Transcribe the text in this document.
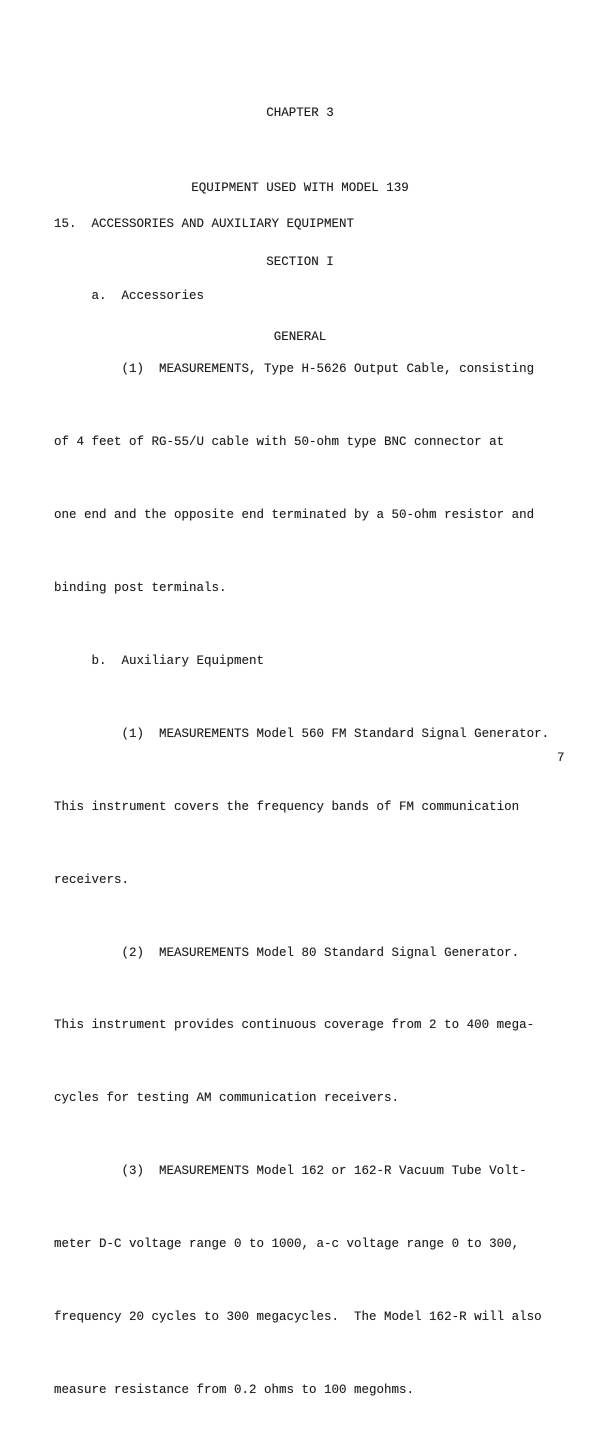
CHAPTER 3

EQUIPMENT USED WITH MODEL 139

SECTION I

GENERAL

15.  ACCESSORIES AND AUXILIARY EQUIPMENT

a.  Accessories

(1)  MEASUREMENTS, Type H-5626 Output Cable, consisting

of 4 feet of RG-55/U cable with 50-ohm type BNC connector at

one end and the opposite end terminated by a 50-ohm resistor and

binding post terminals.

b.  Auxiliary Equipment

(1)  MEASUREMENTS Model 560 FM Standard Signal Generator.

This instrument covers the frequency bands of FM communication

receivers.

(2)  MEASUREMENTS Model 80 Standard Signal Generator.

This instrument provides continuous coverage from 2 to 400 mega-

cycles for testing AM communication receivers.

(3)  MEASUREMENTS Model 162 or 162-R Vacuum Tube Volt-

meter D-C voltage range 0 to 1000, a-c voltage range 0 to 300,

frequency 20 cycles to 300 megacycles.  The Model 162-R will also

measure resistance from 0.2 ohms to 100 megohms.

7
